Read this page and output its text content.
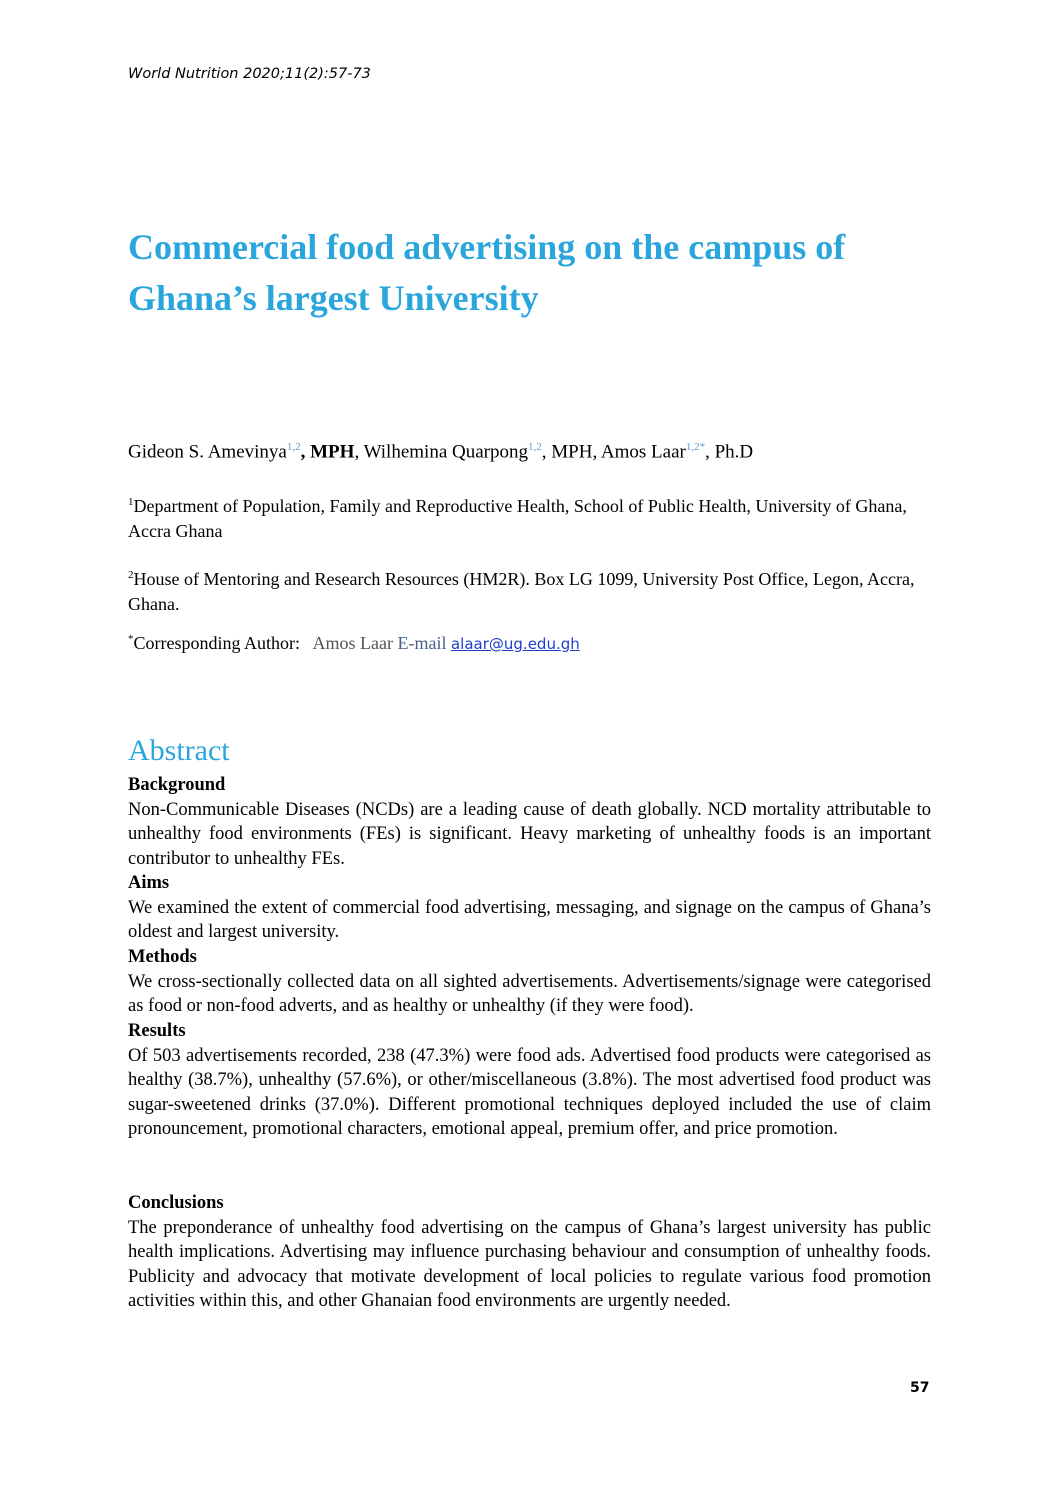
World Nutrition 2020;11(2):57-73
Commercial food advertising on the campus of Ghana’s largest University
Gideon S. Amevinya$^{1,2}$, MPH, Wilhemina Quarpong$^{1,2}$, MPH, Amos Laar$^{1,2*}$, Ph.D
$^1$Department of Population, Family and Reproductive Health, School of Public Health, University of Ghana, Accra Ghana
$^2$House of Mentoring and Research Resources (HM2R). Box LG 1099, University Post Office, Legon, Accra, Ghana.
*Corresponding Author: Amos Laar E-mail alaar@ug.edu.gh
Abstract
Background

Non-Communicable Diseases (NCDs) are a leading cause of death globally. NCD mortality attributable to unhealthy food environments (FEs) is significant. Heavy marketing of unhealthy foods is an important contributor to unhealthy FEs.

Aims

We examined the extent of commercial food advertising, messaging, and signage on the campus of Ghana’s oldest and largest university.

Methods

We cross-sectionally collected data on all sighted advertisements. Advertisements/signage were categorised as food or non-food adverts, and as healthy or unhealthy (if they were food).

Results

Of 503 advertisements recorded, 238 (47.3%) were food ads. Advertised food products were categorised as healthy (38.7%), unhealthy (57.6%), or other/miscellaneous (3.8%). The most advertised food product was sugar-sweetened drinks (37.0%). Different promotional techniques deployed included the use of claim pronouncement, promotional characters, emotional appeal, premium offer, and price promotion.

Conclusions

The preponderance of unhealthy food advertising on the campus of Ghana’s largest university has public health implications. Advertising may influence purchasing behaviour and consumption of unhealthy foods. Publicity and advocacy that motivate development of local policies to regulate various food promotion activities within this, and other Ghanaian food environments are urgently needed.

57
